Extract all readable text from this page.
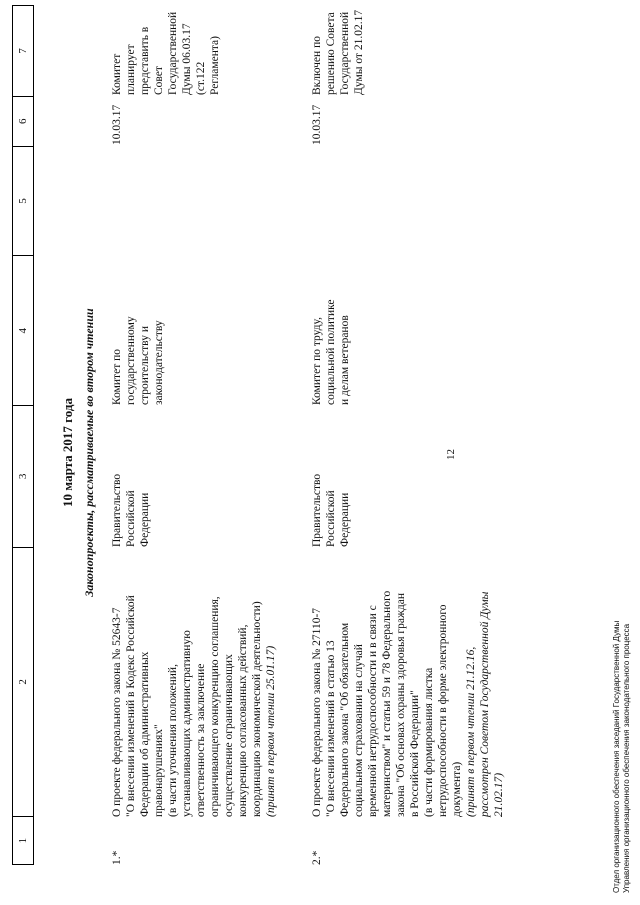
1
2
3
4
5
6
7
12
10 марта 2017 года Законопроекты, рассматриваемые во втором чтении
1.*
О проекте федерального закона № 52643-7 "О внесении изменений в Кодекс Российской Федерации об административных правонарушениях" (в части уточнения положений, устанавливающих административную ответственность за заключение ограничивающего конкуренцию соглашения, осуществление ограничивающих конкуренцию согласованных действий, координацию экономической деятельности) (принят в первом чтении 25.01.17)
Правительство Российской Федерации
Комитет по государственному строительству и законодательству
10.03.17
Комитет планирует представить в Совет Государственной Думы 06.03.17 (ст.122 Регламента)
2.*
О проекте федерального закона № 27110-7 "О внесении изменений в статью 13 Федерального закона "Об обязательном социальном страховании на случай временной нетрудоспособности и в связи с материнством" и статьи 59 и 78 Федерального закона "Об основах охраны здоровья граждан в Российской Федерации" (в части формирования листка нетрудоспособности в форме электронного документа) (принят в первом чтении 21.12.16, рассмотрен Советом Государственной Думы 21.02.17)
Правительство Российской Федерации
Комитет по труду, социальной политике и делам ветеранов
10.03.17
Включен по решению Совета Государственной Думы от 21.02.17
Отдел организационного обеспечения заседаний Государственной Думы Управления организационного обеспечения законодательного процесса
